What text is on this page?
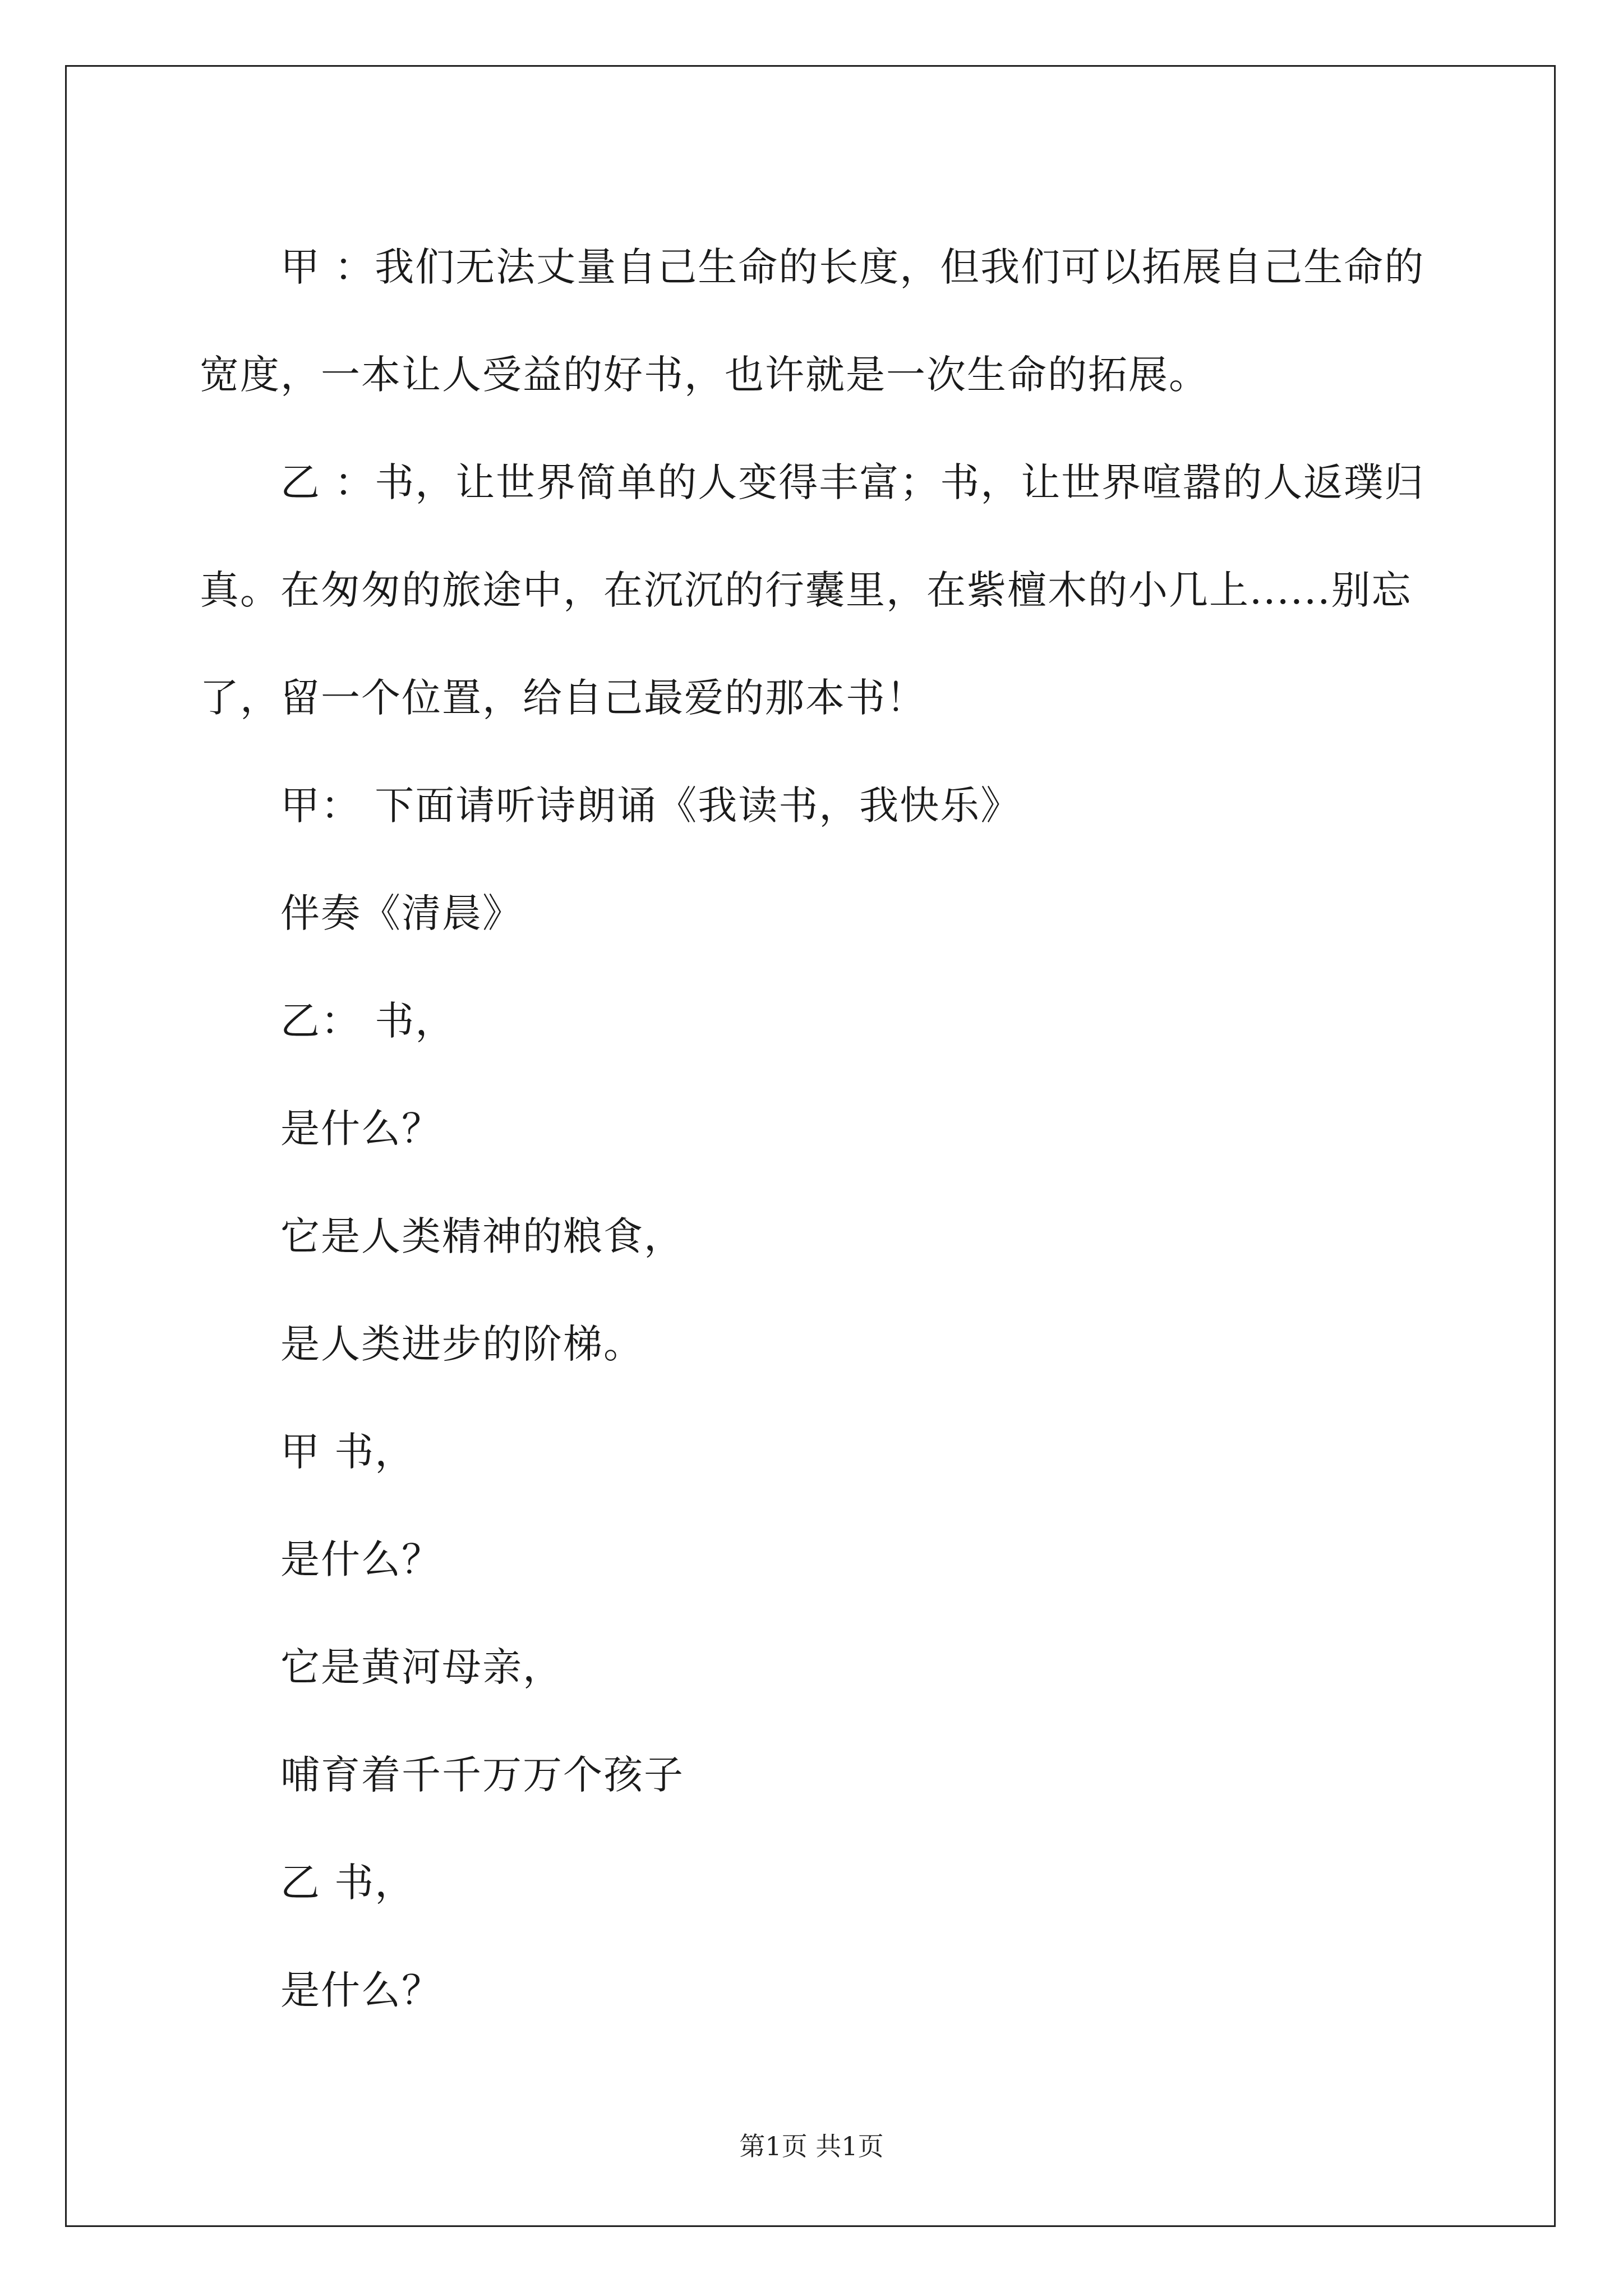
甲 ：我们无法丈量自己生命的长度，但我们可以拓展自己生命的宽度，一本让人受益的好书，也许就是一次生命的拓展。

乙 ：书，让世界简单的人变得丰富；书，让世界喧嚣的人返璞归真。在匆匆的旅途中，在沉沉的行囊里，在紫檀木的小几上......别忘了，留一个位置，给自己最爱的那本书！

甲： 下面请听诗朗诵《我读书，我快乐》

伴奏《清晨》

乙： 书，

是什么？

它是人类精神的粮食，

是人类进步的阶梯。

甲 书，

是什么？

它是黄河母亲，

哺育着千千万万个孩子

乙 书，

是什么？

第1页 共1页
